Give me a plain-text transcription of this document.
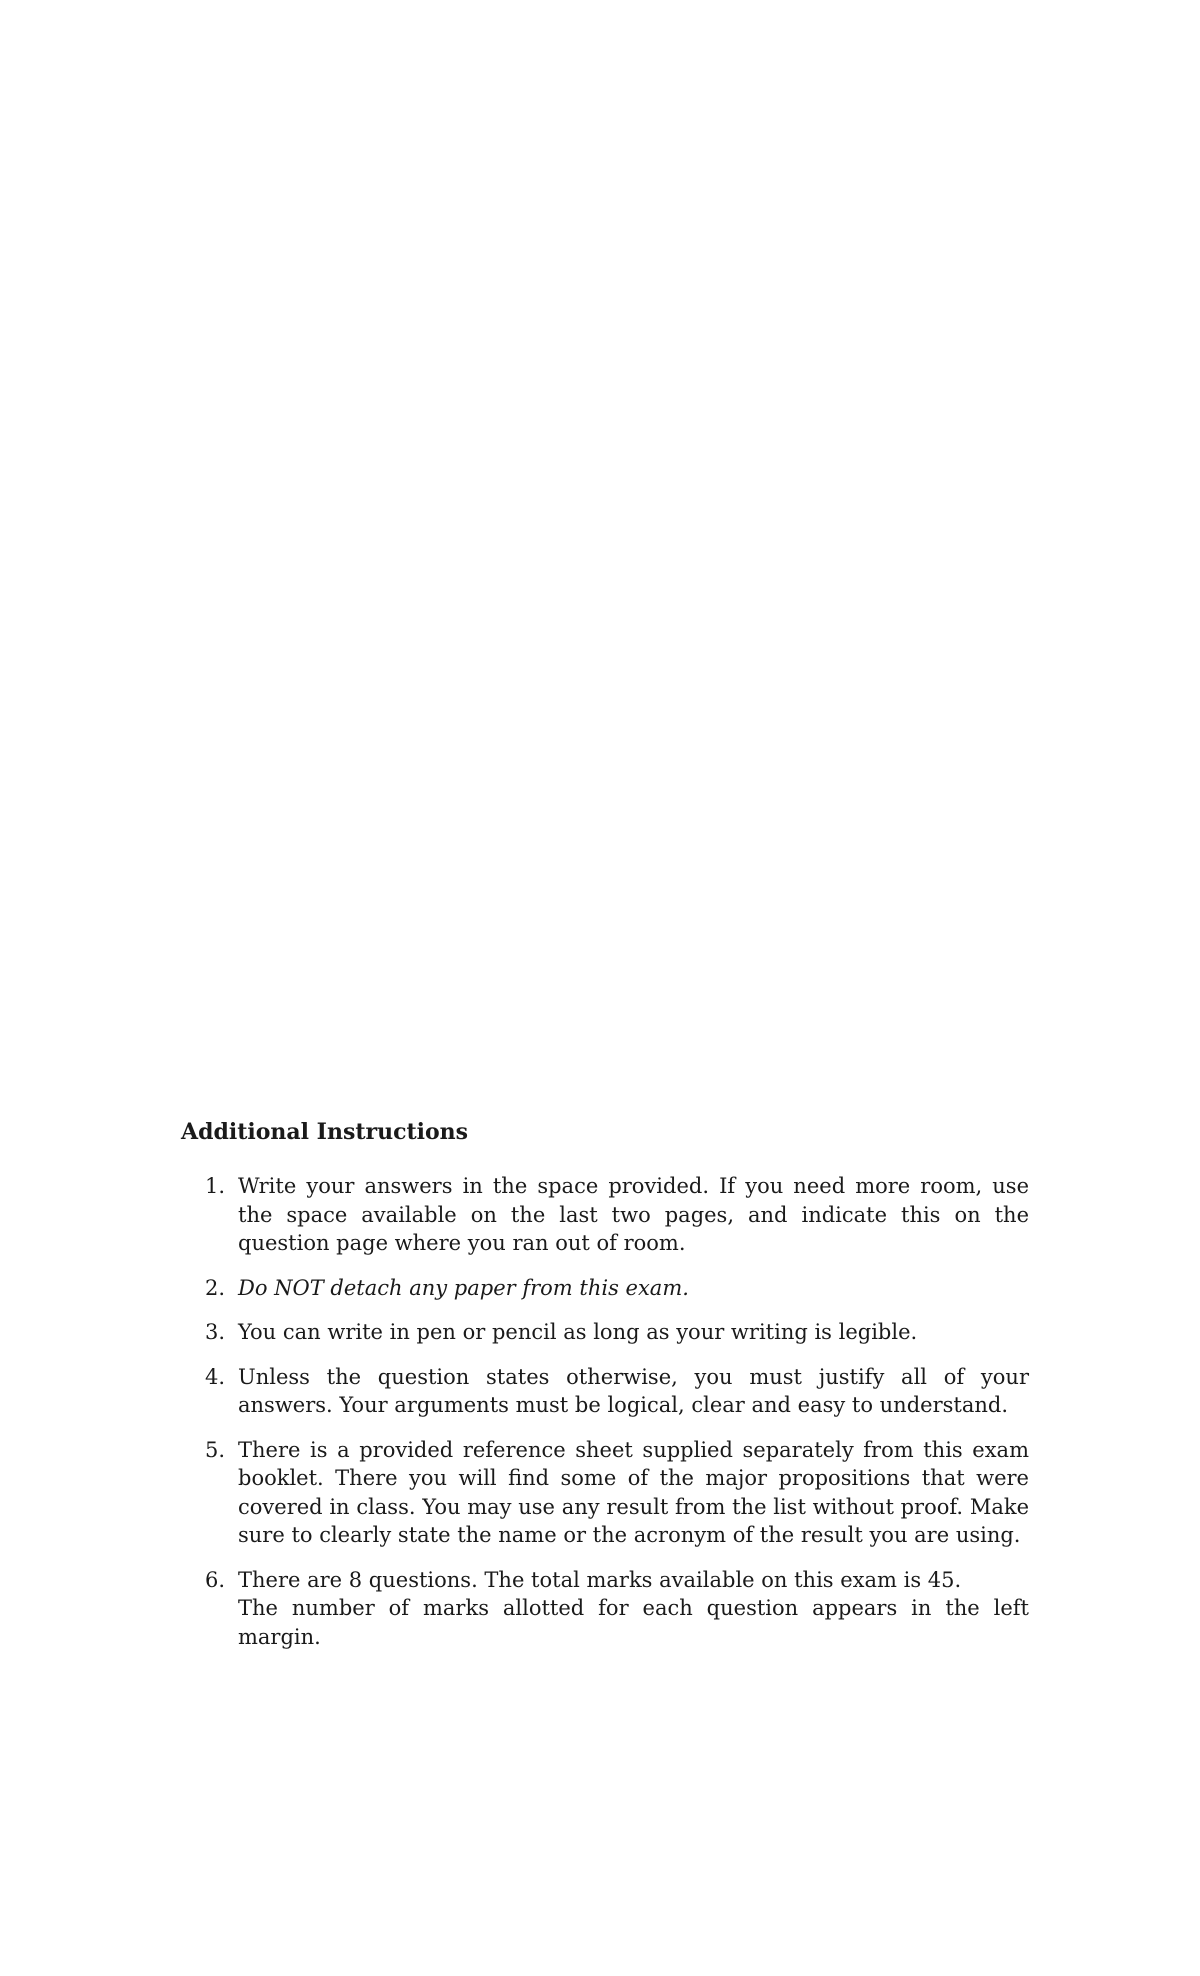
Additional Instructions
1. Write your answers in the space provided. If you need more room, use the space available on the last two pages, and indicate this on the question page where you ran out of room.
2. Do NOT detach any paper from this exam.
3. You can write in pen or pencil as long as your writing is legible.
4. Unless the question states otherwise, you must justify all of your answers. Your arguments must be logical, clear and easy to understand.
5. There is a provided reference sheet supplied separately from this exam booklet. There you will find some of the major propositions that were covered in class. You may use any result from the list without proof. Make sure to clearly state the name or the acronym of the result you are using.
6. There are 8 questions. The total marks available on this exam is 45.
The number of marks allotted for each question appears in the left margin.
